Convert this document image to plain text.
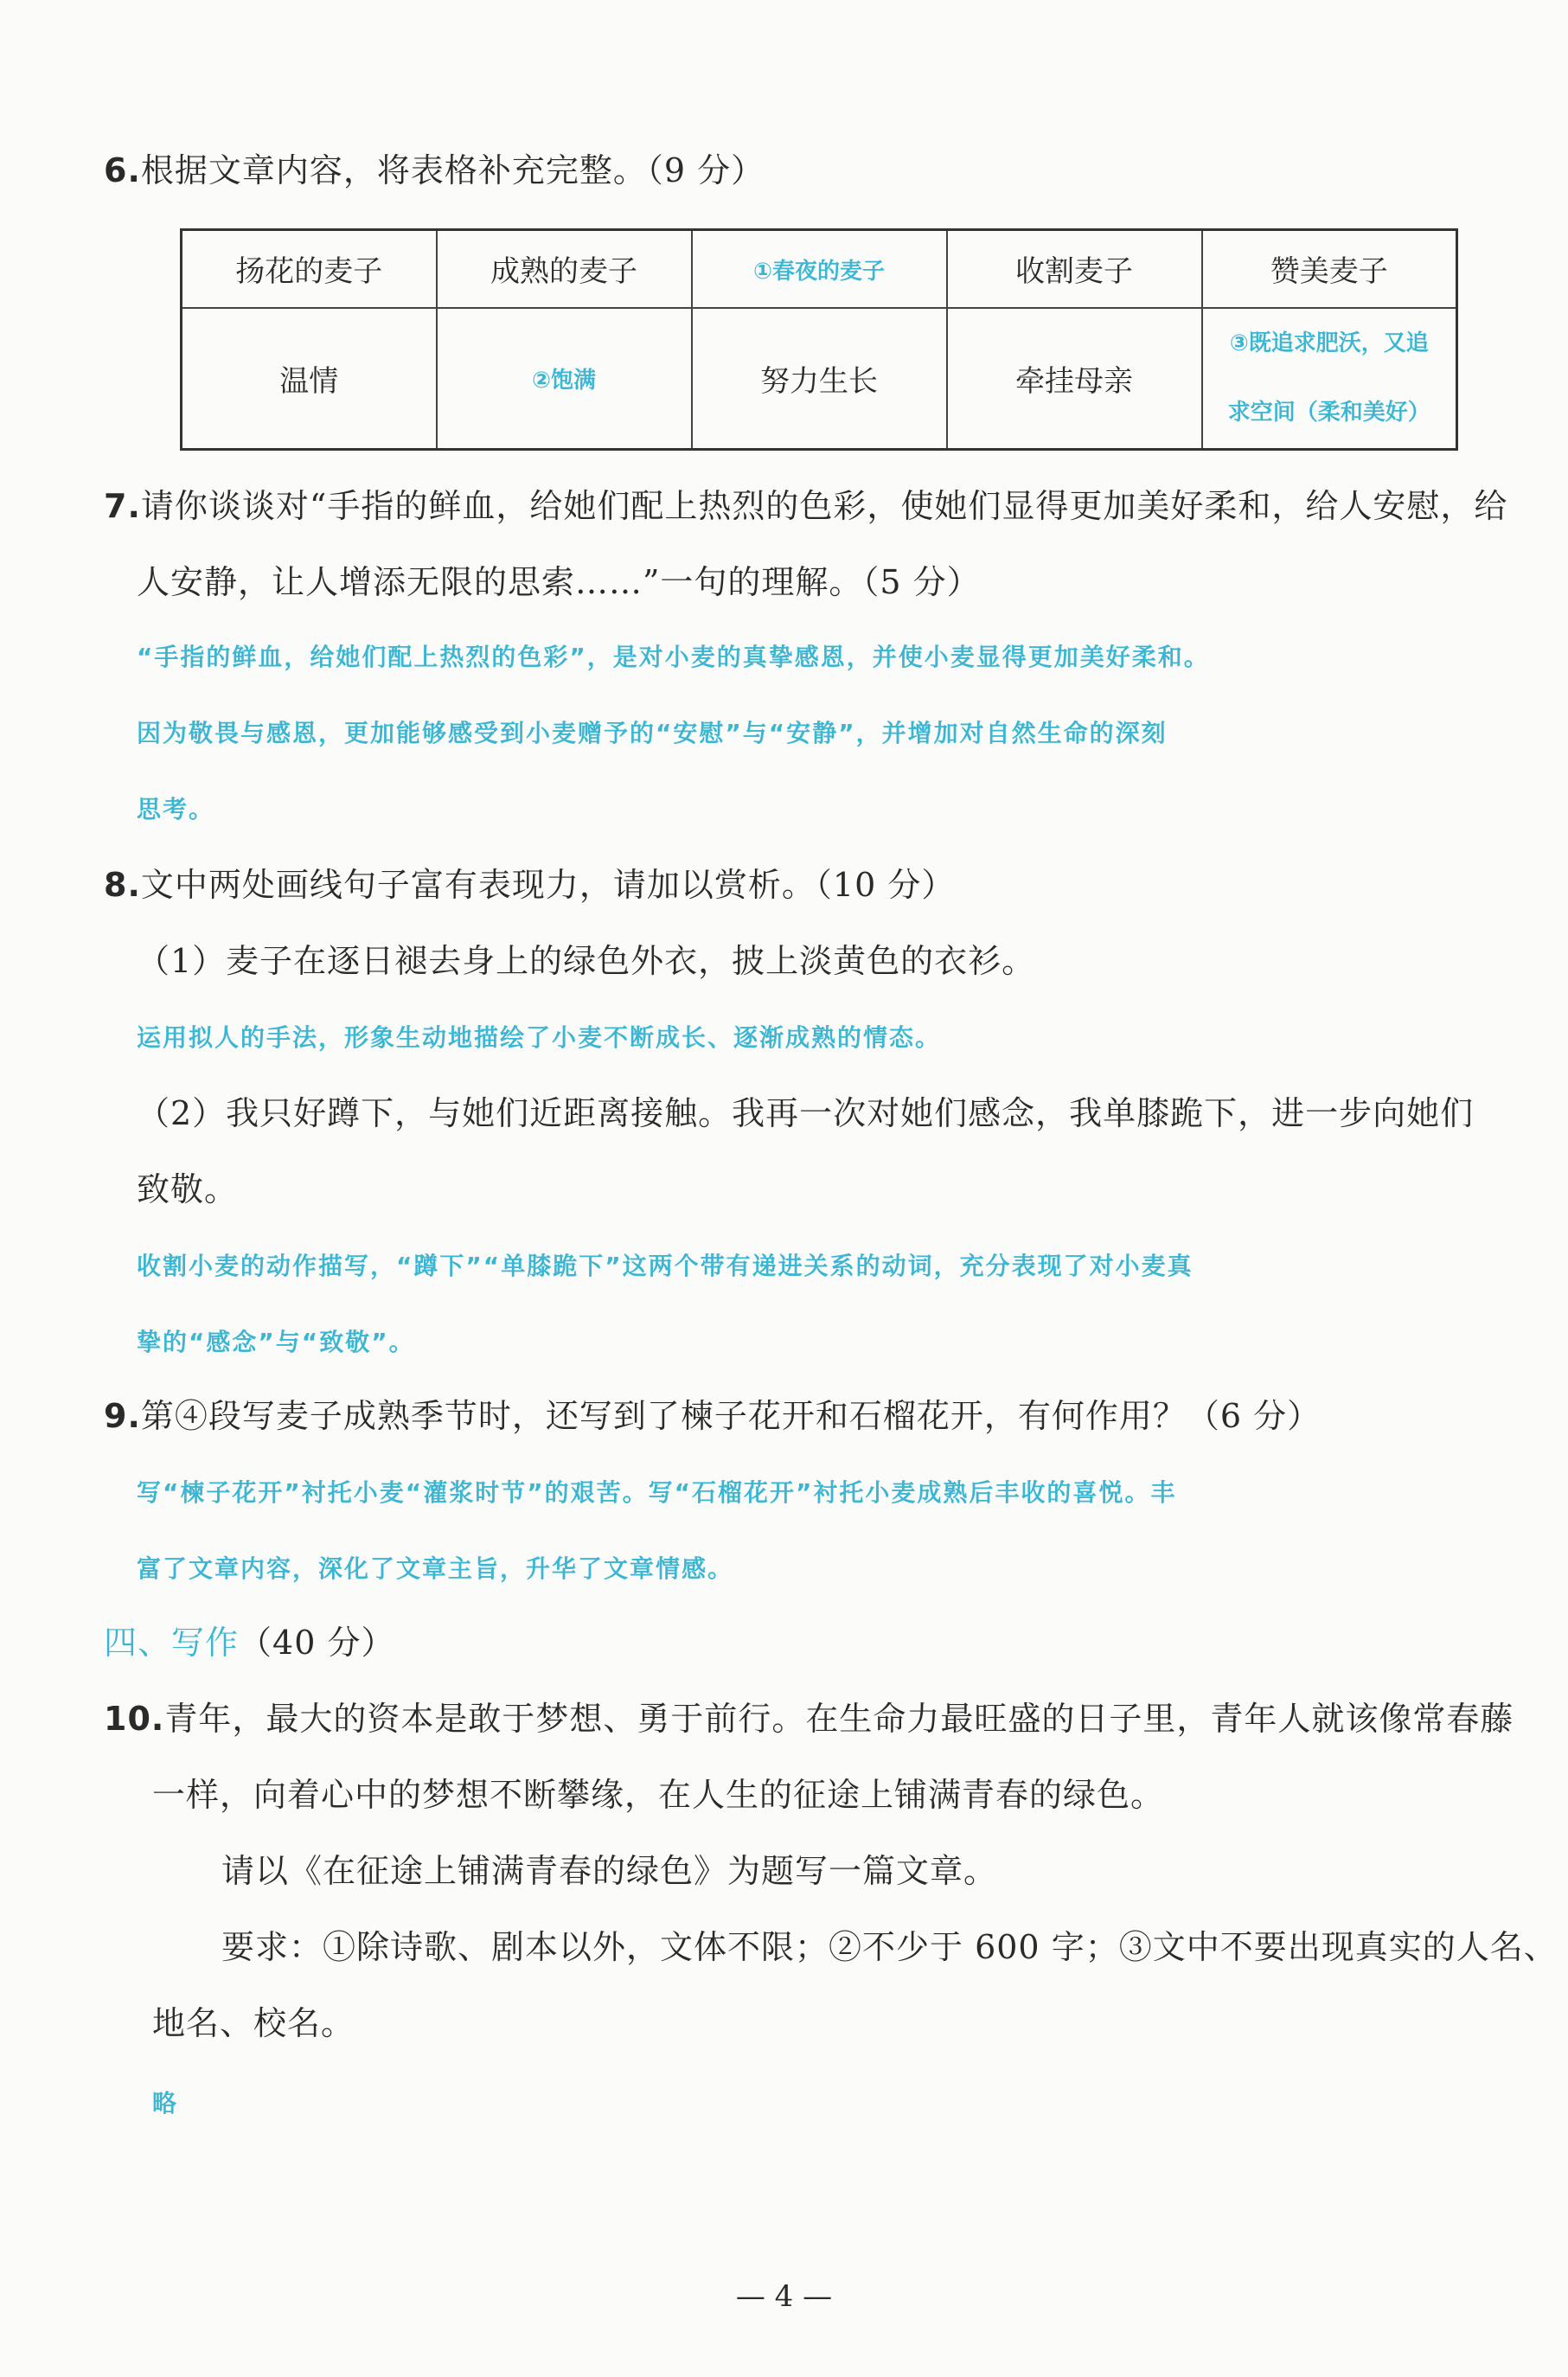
6.根据文章内容，将表格补充完整。（9 分）
扬花的麦子	成熟的麦子	①春夜的麦子	收割麦子	赞美麦子
温情	②饱满	努力生长	牵挂母亲	③既追求肥沃，又追
求空间（柔和美好）
7.请你谈谈对“手指的鲜血，给她们配上热烈的色彩，使她们显得更加美好柔和，给人安慰，给
人安静，让人增添无限的思索……”一句的理解。（5 分）
“手指的鲜血，给她们配上热烈的色彩”，是对小麦的真挚感恩，并使小麦显得更加美好柔和。
因为敬畏与感恩，更加能够感受到小麦赠予的“安慰”与“安静”，并增加对自然生命的深刻
思考。
8.文中两处画线句子富有表现力，请加以赏析。（10 分）
（1）麦子在逐日褪去身上的绿色外衣，披上淡黄色的衣衫。
运用拟人的手法，形象生动地描绘了小麦不断成长、逐渐成熟的情态。
（2）我只好蹲下，与她们近距离接触。我再一次对她们感念，我单膝跪下，进一步向她们
致敬。
收割小麦的动作描写，“蹲下”“单膝跪下”这两个带有递进关系的动词，充分表现了对小麦真
挚的“感念”与“致敬”。
9.第④段写麦子成熟季节时，还写到了楝子花开和石榴花开，有何作用？（6 分）
写“楝子花开”衬托小麦“灌浆时节”的艰苦。写“石榴花开”衬托小麦成熟后丰收的喜悦。丰
富了文章内容，深化了文章主旨，升华了文章情感。
四、写作（40 分）
10.青年，最大的资本是敢于梦想、勇于前行。在生命力最旺盛的日子里，青年人就该像常春藤
一样，向着心中的梦想不断攀缘，在人生的征途上铺满青春的绿色。
请以《在征途上铺满青春的绿色》为题写一篇文章。
要求：①除诗歌、剧本以外，文体不限；②不少于 600 字；③文中不要出现真实的人名、
地名、校名。
略
— 4 —
